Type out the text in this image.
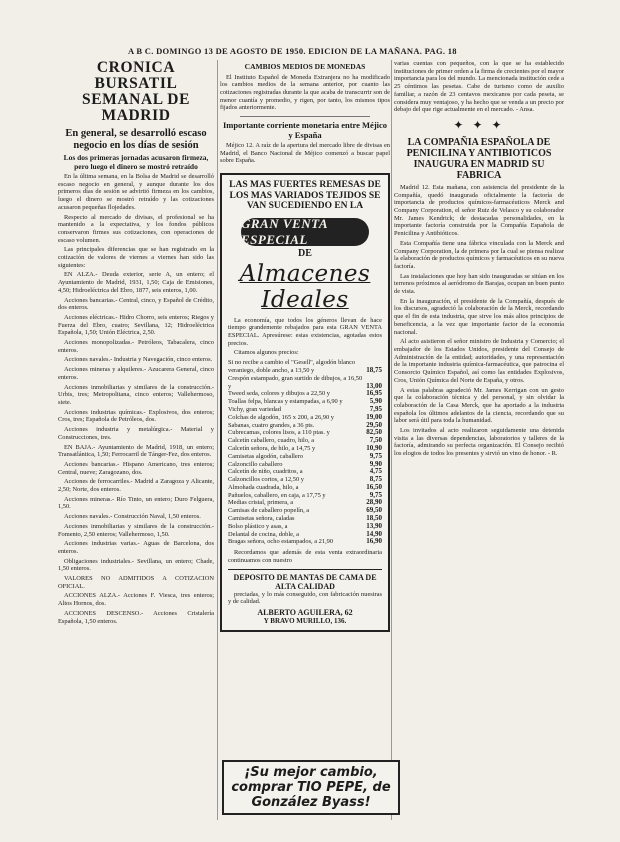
A B C. DOMINGO 13 DE AGOSTO DE 1950. EDICION DE LA MAÑANA. PAG. 18
CRONICA BURSATIL SEMANAL DE MADRID
En general, se desarrolló escaso negocio en los días de sesión
Los dos primeras jornadas acusaron firmeza, pero luego el dinero se mostró retraído

En la última semana, en la Bolsa de Madrid se desarrolló escaso negocio en general, y aunque durante los dos primeros días de sesión se advirtió firmeza en los cambios, luego el dinero se mostró retraído y las cotizaciones acusaron pequeñas flojedades.

Respecto al mercado de divisas, el profesional se ha mantenido a la expectativa, y los fondos públicos conservaron firmes sus cotizaciones, con operaciones de escaso volumen.

Las principales diferencias que se han registrado en la cotización de valores de viernes a viernes han sido las siguientes:

EN ALZA.- Deuda exterior, serie A, un entero; el Ayuntamiento de Madrid, 1931, 1,50; Caja de Emisiones, 4,50; Hidroeléctrica del Ebro, 1877, seis enteros, 1,00.

Acciones bancarias.- Central, cinco, y Español de Crédito, dos enteros.

Acciones eléctricas.- Hidro Chorro, seis enteros; Riegos y Fuerza del Ebro, cuatro; Sevillana, 12; Hidroeléctrica Española, 1,50; Unión Eléctrica, 2,50.

Acciones monopolizadas.- Petróleos, Tabacalera, cinco enteros.

Acciones navales.- Industria y Navegación, cinco enteros.

Acciones mineras y alquileres.- Azucarera General, cinco enteros.

Acciones inmobiliarias y similares de la construcción.- Urbis, tres; Metropolitana, cinco enteros; Vallehermoso, siete.

Acciones industrias químicas.- Explosivos, dos enteros; Cros, tres; Española de Petróleos, dos.

Acciones industria y metalúrgica.- Material y Construcciones, tres.

EN BAJA.- Ayuntamiento de Madrid, 1918, un entero; Transatlántica, 1,50; Ferrocarril de Tánger-Fez, dos enteros.

Acciones bancarias.- Hispano Americano, tres enteros; Central, nueve; Zaragozano, dos.

Acciones de ferrocarriles.- Madrid a Zaragoza y Alicante, 2,50; Norte, dos enteros.

Acciones mineras.- Río Tinto, un entero; Duro Felguera, 1,50.

Acciones navales.- Construcción Naval, 1,50 enteros.

Acciones inmobiliarias y similares de la construcción.- Fomento, 2,50 enteros; Vallehermoso, 1,50.

Acciones industrias varias.- Aguas de Barcelona, dos enteros.

Obligaciones industriales.- Sevillana, un entero; Chade, 1,50 enteros.

VALORES NO ADMITIDOS A COTIZACION OFICIAL.

ACCIONES ALZA.- Acciones F. Viesca, tres enteros; Altos Hornos, dos.

ACCIONES DESCENSO.- Acciones Cristalería Española, 1,50 enteros.

CAMBIOS MEDIOS DE MONEDAS

El Instituto Español de Moneda Extranjera no ha modificado los cambios medios de la semana anterior, por cuanto las cotizaciones registradas durante la que acaba de transcurrir son de menor cuantía y promedio, y rigen, por tanto, los mismos tipos fijados anteriormente.

Importante corriente monetaria entre Méjico y España

Méjico 12. A raíz de la apertura del mercado libre de divisas en Madrid, el Banco Nacional de Méjico comenzó a buscar papel sobre España.

LAS MAS FUERTES REMESAS DE LOS MAS VARIADOS TEJIDOS SE VAN SUCEDIENDO EN LA
GRAN VENTA ESPECIAL
DE
Almacenes Ideales

La economía, que todos los géneros llevan de hace tiempo grandemente rebajados para esta GRAN VENTA ESPECIAL. Apresúrese: estas existencias, agotadas estos precios.

Citamos algunos precios:

Si no recibe a cambio el "Gesell", algodón blanco veraniego, doble ancho, a 13,50 y	18,75
Crespón estampado, gran surtido de dibujos, a 16,50 y	13,00
Tweed seda, colores y dibujos a 22,50 y	16,95
Toallas felpa, blancas y estampadas, a 6,90 y	5,90
Vichy, gran variedad	7,95
Colchas de algodón, 165 x 200, a 26,90 y	19,00
Sabanas, cuatro grandes, a 36 pts.	29,50
Cubrecamas, colores lisos, a 110 ptas. y	82,50
Calcetín caballero, cuadro, hilo, a	7,50
Calcetín señora, de hilo, a 14,75 y	10,90
Camisetas algodón, caballero	9,75
Calzoncillo caballero	9,90
Calcetín de niño, cuadritos, a	4,75
Calzoncillos cortos, a 12,50 y	8,75
Almohada cuadrada, hilo, a	16,50
Pañuelos, caballero, en caja, a 17,75 y	9,75
Medias cristal, primera, a	28,90
Camisas de caballero popelín, a	69,50
Camisetas señora, caladas	18,50
Bolso plástico y asas, a	13,90
Delantal de cocina, doble, a	14,90
Bragas señora, ocho estampados, a 21,90	16,90

Recordamos que además de esta venta extraordinaria continuamos con nuestro

DEPOSITO DE MANTAS DE CAMA DE ALTA CALIDAD

preciadas, y lo más conseguido, con fabricación nuestras y de calidad.

ALBERTO AGUILERA, 62
Y BRAVO MURILLO, 136.
¡Su mejor cambio, comprar TIO PEPE, de González Byass!

varias cuentas con pequeños, con la que se ha establecido instituciones de primer orden a la firma de crecientes por el mayor importancia para los del mundo. La mencionada institución cede a 25 céntimos las pesetas. Cabe de turismo como de auxilio familiar, a razón de 23 centavos mexicanos por cada peseta, se considera muy ventajoso, y ha hecho que se venda a un precio por debajo del que rige actualmente en el mercado. - Ansa.

✦ ✦ ✦
LA COMPAÑIA ESPAÑOLA DE PENICILINA Y ANTIBIOTICOS INAUGURA EN MADRID SU FABRICA

Madrid 12. Esta mañana, con asistencia del presidente de la Compañía, quedó inaugurada oficialmente la factoría de importancia de productos químicos-farmacéuticos Merck and Company Corporation, el señor Ruiz de Velasco y su colaborador Mr. James Kendrick; de destacadas personalidades, en la importante factoría construida por la Compañía Española de Penicilina y Antibióticos.

Esta Compañía tiene una fábrica vinculada con la Merck and Company Corporation, la de primera por la cual se piensa realizar la elaboración de productos químicos y farmacéuticos en su nueva factoría.

Las instalaciones que hoy han sido inauguradas se sitúan en los terrenos próximos al aeródromo de Barajas, ocupan un buen punto de vista.

En la inauguración, el presidente de la Compañía, después de los discursos, agradeció la colaboración de la Merck, recordando que el fin de esta industria, que sirve los más altos principios de beneficencia, a la vez que importante factor de la economía nacional.

Al acto asistieron el señor ministro de Industria y Comercio; el embajador de los Estados Unidos, presidente del Consejo de Administración de la entidad; autoridades, y una representación de la importante industria química-farmacéutica, que patrocina el Consorcio Químico Español, así como las entidades Explosivos, Cros, Unión Química del Norte de España, y otros.

A estas palabras agradeció Mr. James Kerrigan con un gesto que la colaboración técnica y del personal, y sin olvidar la colaboración de la Casa Merck, que ha aportado a la industria española los últimos adelantos de la ciencia, recordando que su labor será útil para toda la humanidad.

Los invitados al acto realizaron seguidamente una detenida visita a las diversas dependencias, laboratorios y talleres de la factoría, admirando su perfecta organización. El Consejo recibió los elogios de todos los presentes y sirvió un vino de honor. - R.
